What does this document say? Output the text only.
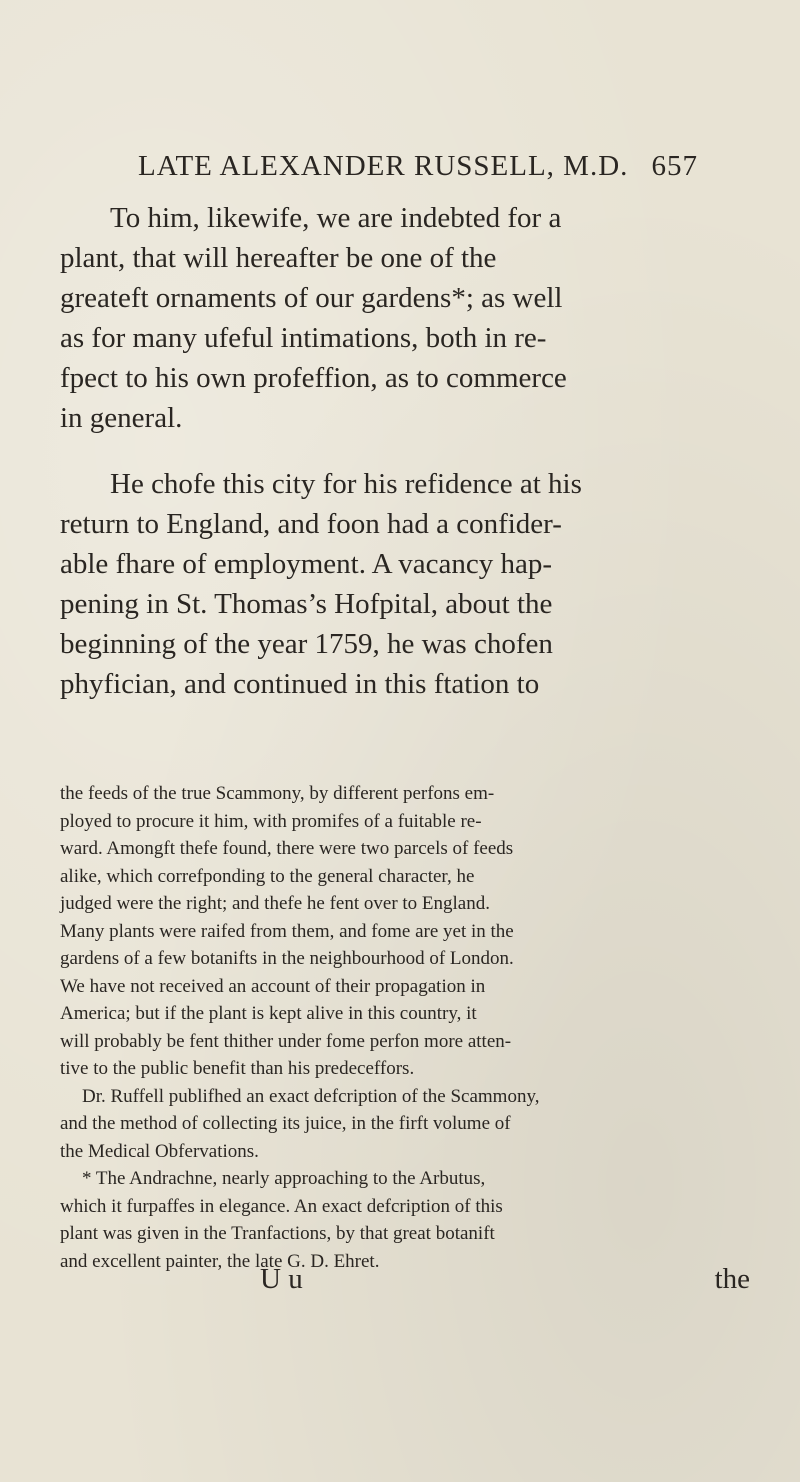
LATE ALEXANDER RUSSELL, M.D. 657
To him, likewife, we are indebted for a
plant, that will hereafter be one of the
greateft ornaments of our gardens*; as well
as for many ufeful intimations, both in re-
fpect to his own profeffion, as to commerce
in general.
He chofe this city for his refidence at his
return to England, and foon had a confider-
able fhare of employment. A vacancy hap-
pening in St. Thomas’s Hofpital, about the
beginning of the year 1759, he was chofen
phyfician, and continued in this ftation to
the feeds of the true Scammony, by different perfons em-
ployed to procure it him, with promifes of a fuitable re-
ward. Amongft thefe found, there were two parcels of feeds
alike, which correfponding to the general character, he
judged were the right; and thefe he fent over to England.
Many plants were raifed from them, and fome are yet in the
gardens of a few botanifts in the neighbourhood of London.
We have not received an account of their propagation in
America; but if the plant is kept alive in this country, it
will probably be fent thither under fome perfon more atten-
tive to the public benefit than his predeceffors.
Dr. Ruffell publifhed an exact defcription of the Scammony,
and the method of collecting its juice, in the firft volume of
the Medical Obfervations.
* The Andrachne, nearly approaching to the Arbutus,
which it furpaffes in elegance. An exact defcription of this
plant was given in the Tranfactions, by that great botanift
and excellent painter, the late G. D. Ehret.
U u	the
